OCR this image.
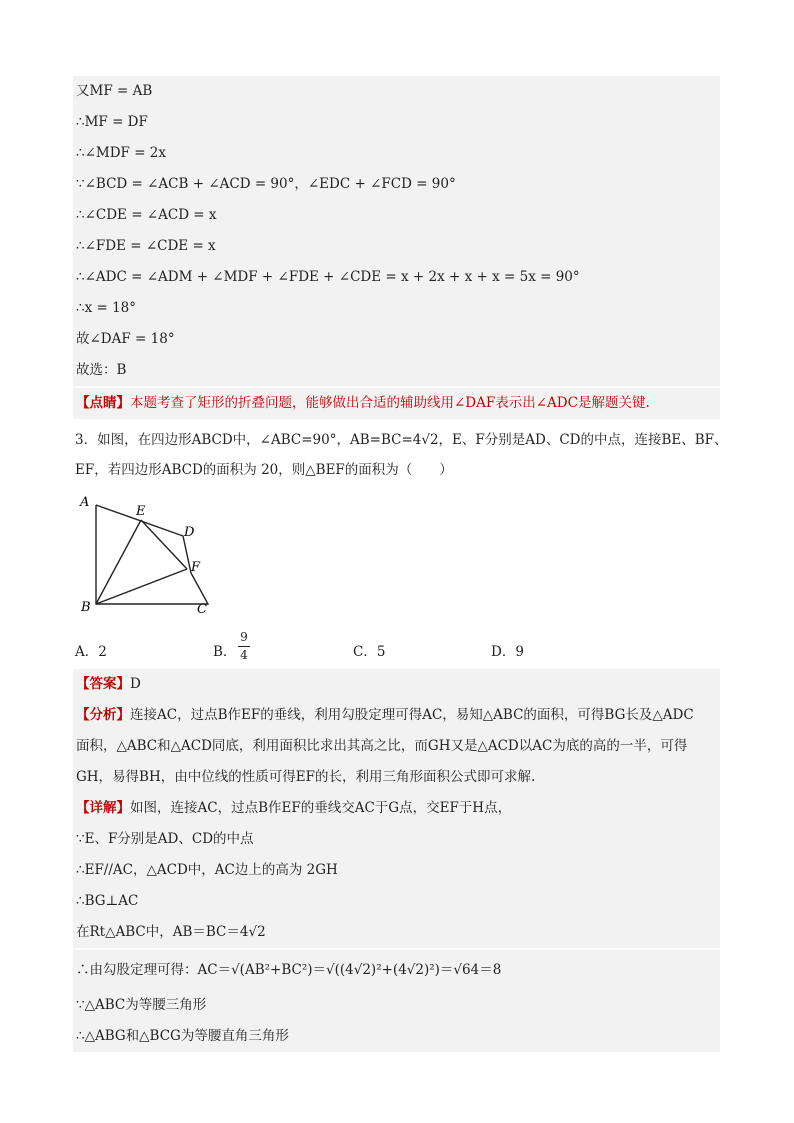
又MF = AB
∴MF = DF
∴∠MDF = 2x
∵∠BCD = ∠ACB + ∠ACD = 90°，∠EDC + ∠FCD = 90°
∴∠CDE = ∠ACD = x
∴∠FDE = ∠CDE = x
∴∠ADC = ∠ADM + ∠MDF + ∠FDE + ∠CDE = x + 2x + x + x = 5x = 90°
∴x = 18°
故∠DAF = 18°
故选：B
【点睛】本题考查了矩形的折叠问题，能够做出合适的辅助线用∠DAF表示出∠ADC是解题关键.
3．如图，在四边形ABCD中，∠ABC=90°，AB=BC=4√2，E、F分别是AD、CD的中点，连接BE、BF、
EF，若四边形ABCD的面积为 20，则△BEF的面积为（　　）
A
E
D
F
B	C
A．2	B．
9
4	C．5	D．9
【答案】D
【分析】连接AC，过点B作EF的垂线，利用勾股定理可得AC，易知△ABC的面积，可得BG长及△ADC
面积，△ABC和△ACD同底，利用面积比求出其高之比，而GH又是△ACD以AC为底的高的一半，可得
GH，易得BH，由中位线的性质可得EF的长，利用三角形面积公式即可求解.
【详解】如图，连接AC，过点B作EF的垂线交AC于G点，交EF于H点，
∵E、F分别是AD、CD的中点
∴EF//AC，△ACD中，AC边上的高为 2GH
∴BG⊥AC
在Rt△ABC中，AB＝BC＝4√2
∴由勾股定理可得：AC＝√(AB²+BC²)＝√((4√2)²+(4√2)²)＝√64＝8
∵△ABC为等腰三角形
∴△ABG和△BCG为等腰直角三角形
